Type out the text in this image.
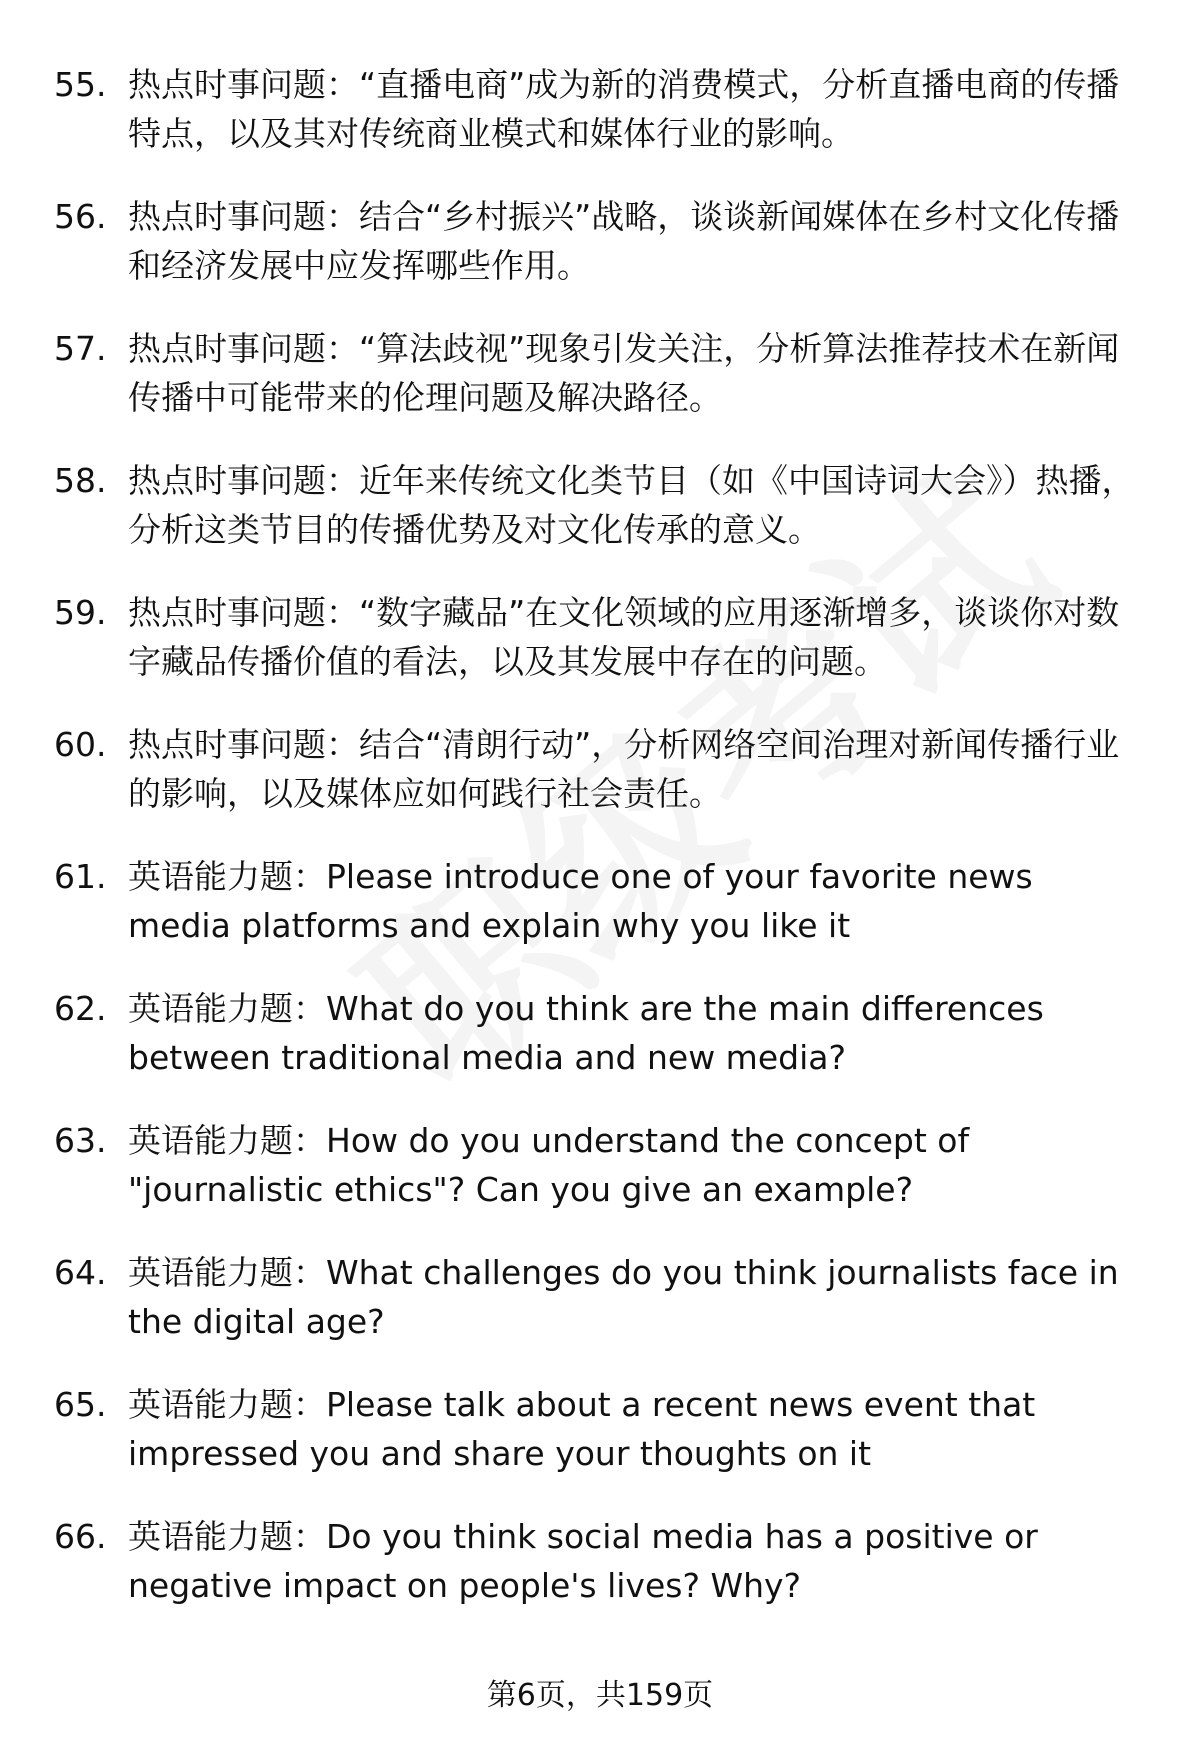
55. 热点时事问题：“直播电商”成为新的消费模式，分析直播电商的传播特点，以及其对传统商业模式和媒体行业的影响。
56. 热点时事问题：结合“乡村振兴”战略，谈谈新闻媒体在乡村文化传播和经济发展中应发挥哪些作用。
57. 热点时事问题：“算法歧视”现象引发关注，分析算法推荐技术在新闻传播中可能带来的伦理问题及解决路径。
58. 热点时事问题：近年来传统文化类节目（如《中国诗词大会》）热播，分析这类节目的传播优势及对文化传承的意义。
59. 热点时事问题：“数字藏品”在文化领域的应用逐渐增多，谈谈你对数字藏品传播价值的看法，以及其发展中存在的问题。
60. 热点时事问题：结合“清朗行动”，分析网络空间治理对新闻传播行业的影响，以及媒体应如何践行社会责任。
61. 英语能力题：Please introduce one of your favorite news media platforms and explain why you like it
62. 英语能力题：What do you think are the main differences between traditional media and new media?
63. 英语能力题：How do you understand the concept of "journalistic ethics"? Can you give an example?
64. 英语能力题：What challenges do you think journalists face in the digital age?
65. 英语能力题：Please talk about a recent news event that impressed you and share your thoughts on it
66. 英语能力题：Do you think social media has a positive or negative impact on people's lives? Why?
第6页，共159页
